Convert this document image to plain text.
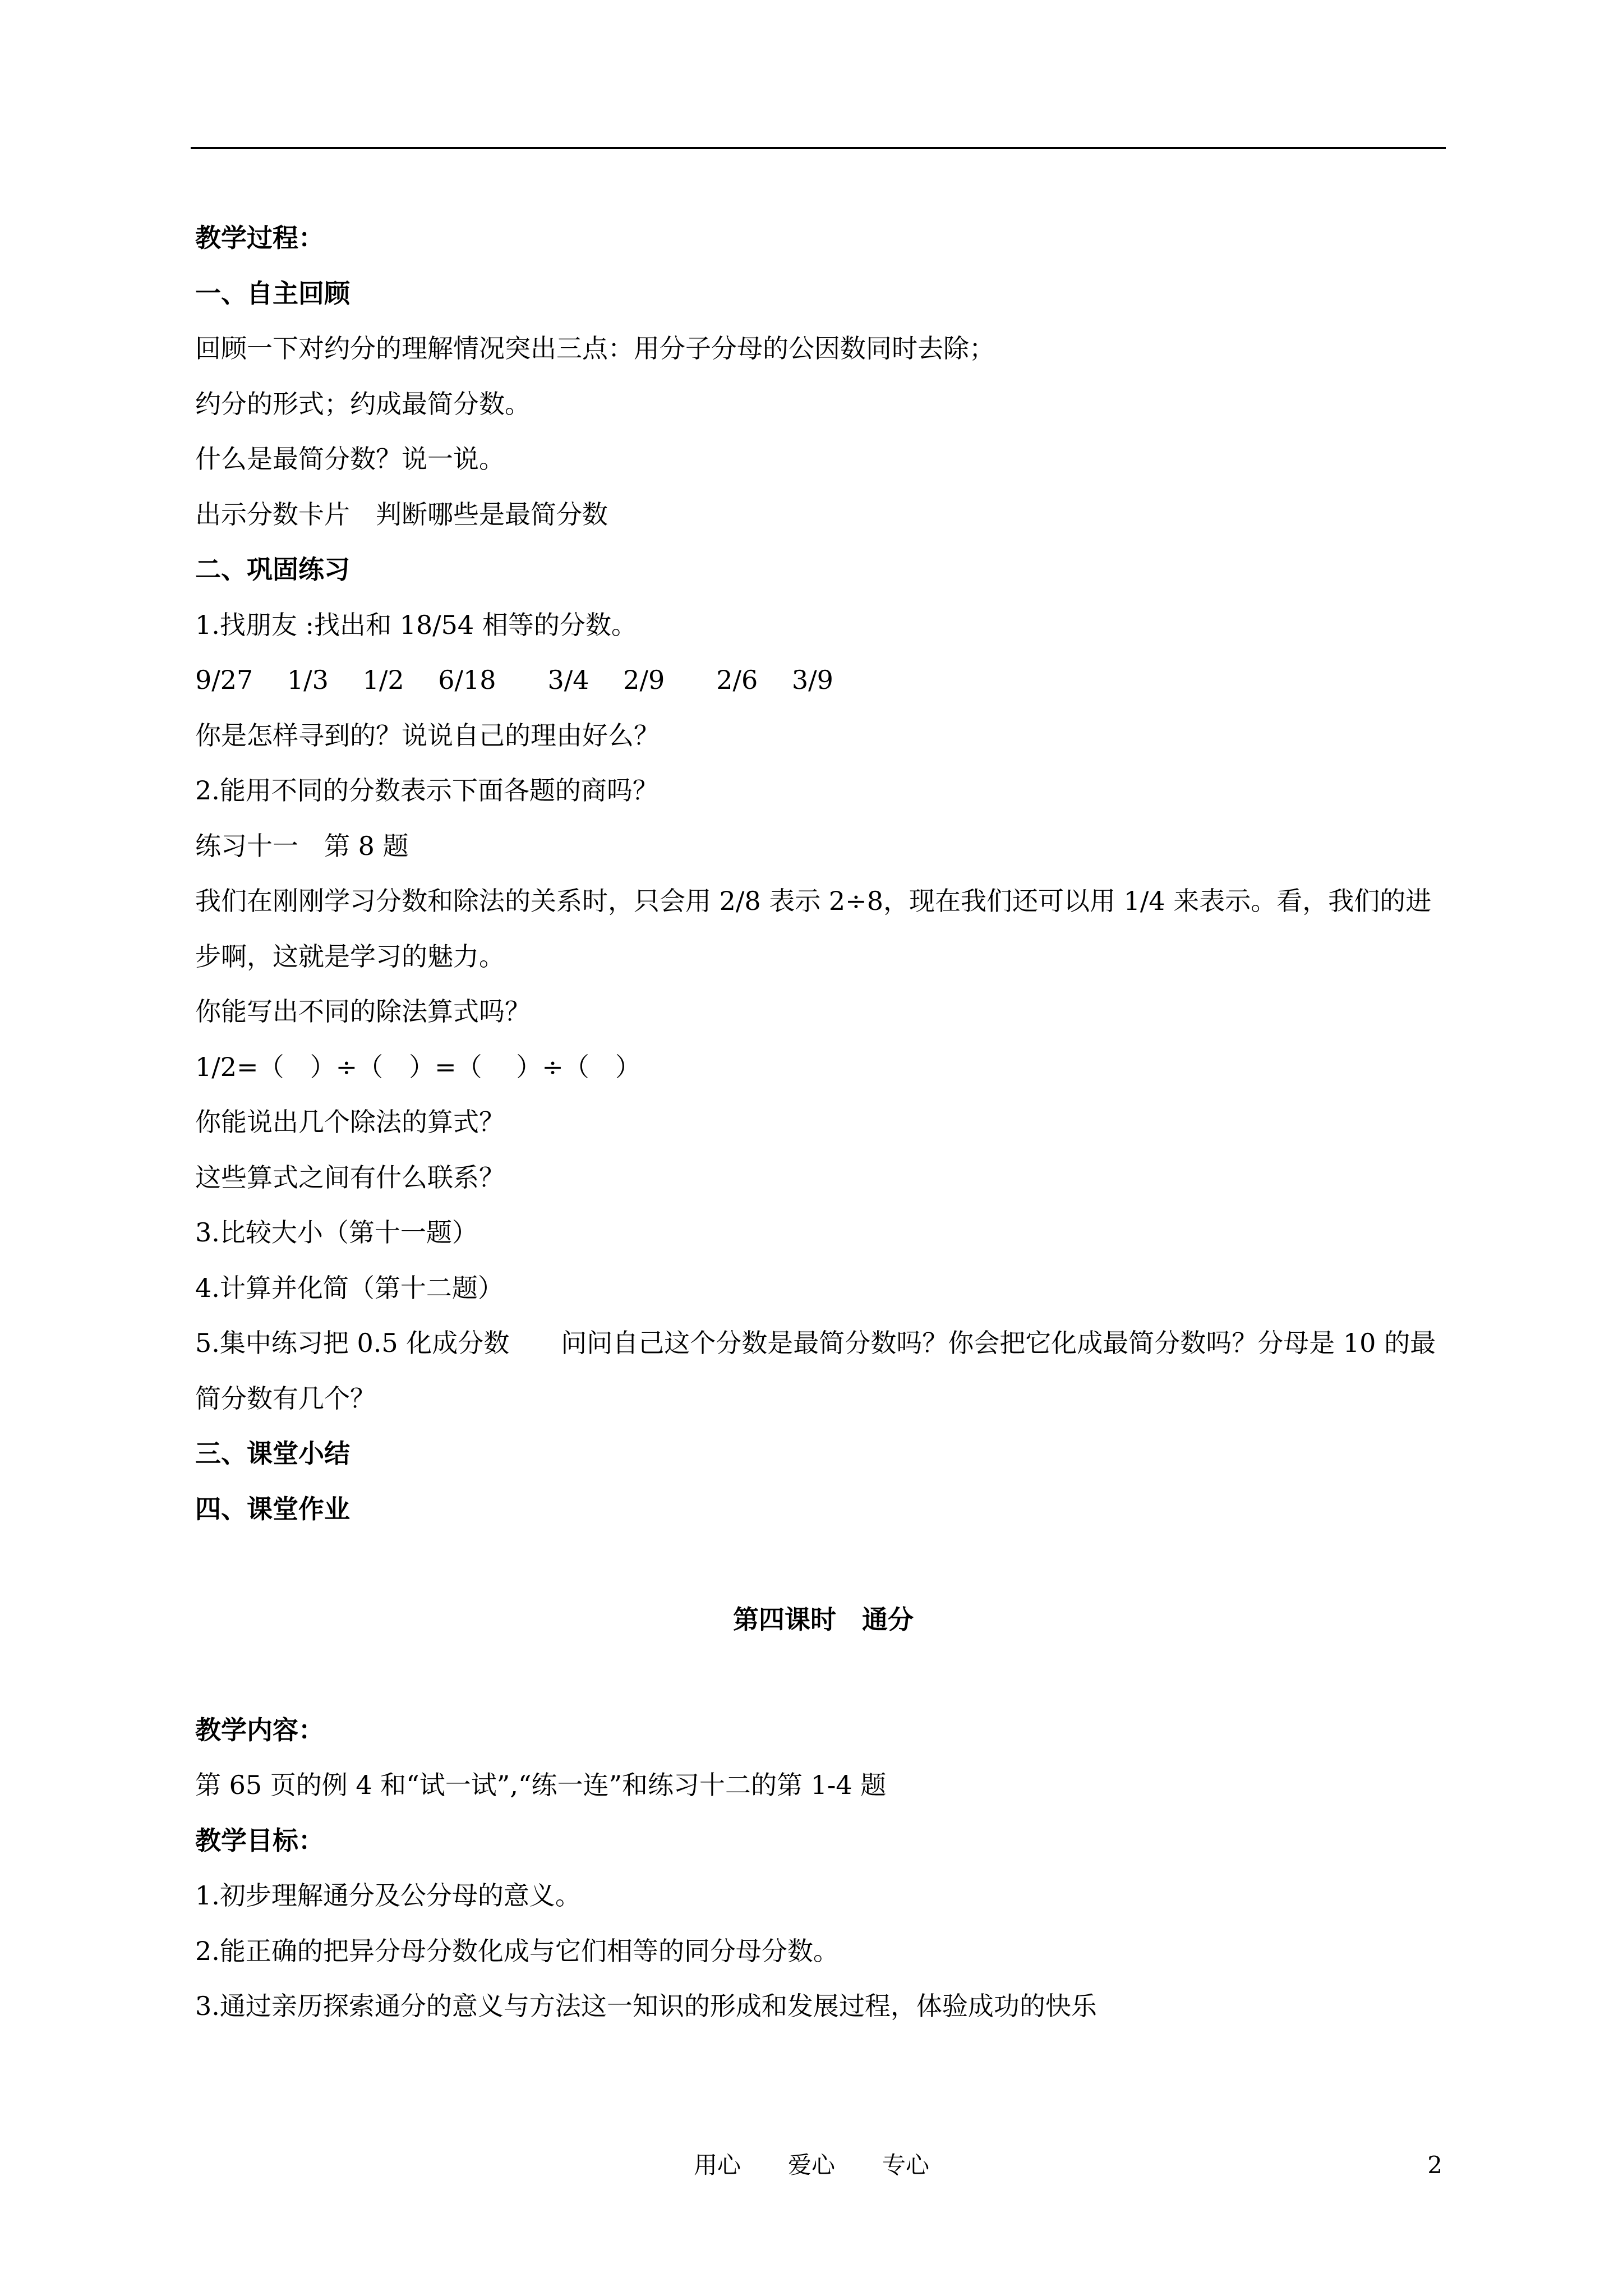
教学过程：
一、自主回顾
回顾一下对约分的理解情况突出三点：用分子分母的公因数同时去除；
约分的形式；约成最简分数。
什么是最简分数？说一说。
出示分数卡片　判断哪些是最简分数
二、巩固练习
1.找朋友 :找出和 18/54 相等的分数。
9/27　 1/3　 1/2　 6/18　　3/4　 2/9　　2/6　 3/9
你是怎样寻到的？说说自己的理由好么？
2.能用不同的分数表示下面各题的商吗？
练习十一　第 8 题
我们在刚刚学习分数和除法的关系时，只会用 2/8 表示 2÷8，现在我们还可以用 1/4 来表示。看，我们的进步啊，这就是学习的魅力。
你能写出不同的除法算式吗？
1/2=（　）÷（　）=（　 ）÷（　）
你能说出几个除法的算式？
这些算式之间有什么联系？
3.比较大小（第十一题）
4.计算并化简（第十二题）
5.集中练习把 0.5 化成分数　　问问自己这个分数是最简分数吗？你会把它化成最简分数吗？分母是 10 的最简分数有几个？
三、课堂小结
四、课堂作业
第四课时　通分
教学内容：
第 65 页的例 4 和“试一试”,“练一连”和练习十二的第 1-4 题
教学目标：
1.初步理解通分及公分母的意义。
2.能正确的把异分母分数化成与它们相等的同分母分数。
3.通过亲历探索通分的意义与方法这一知识的形成和发展过程，体验成功的快乐
用心　　爱心　　专心	2
